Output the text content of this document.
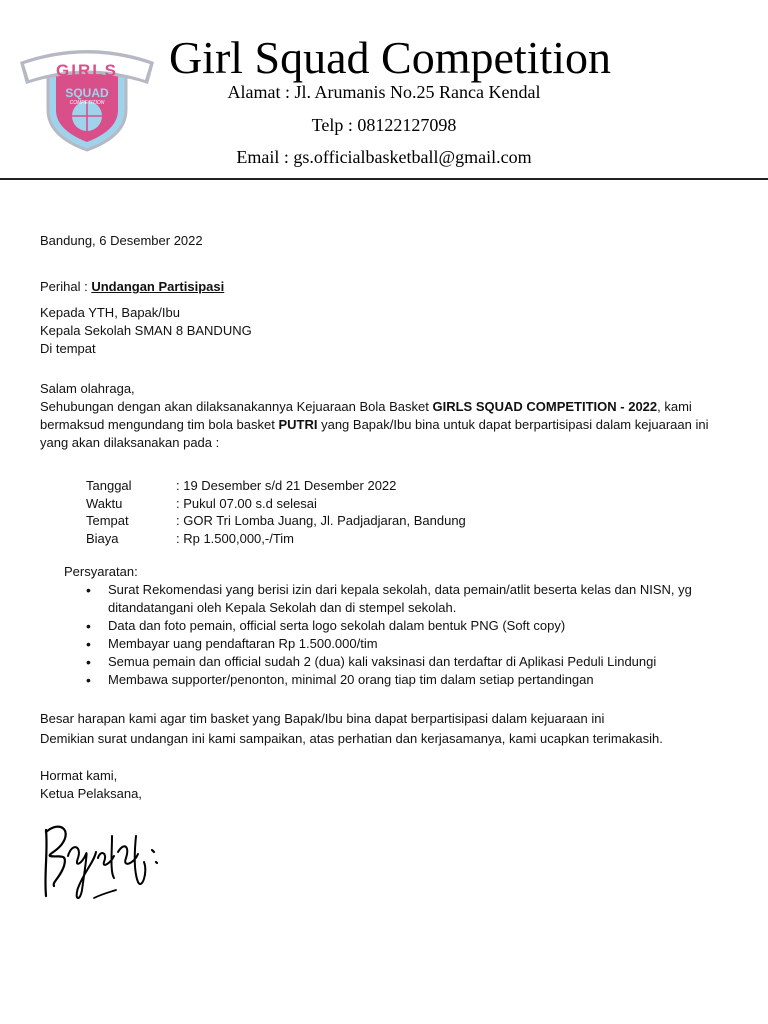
GIRLS
SQUAD
COMPETITION
Girl Squad Competition
Alamat : Jl. Arumanis No.25 Ranca Kendal
Telp : 08122127098
Email : gs.officialbasketball@gmail.com
Bandung, 6 Desember 2022
Perihal : Undangan Partisipasi
Kepada YTH, Bapak/Ibu
Kepala Sekolah SMAN 8 BANDUNG
Di tempat
Salam olahraga,
Sehubungan dengan akan dilaksanakannya Kejuaraan Bola Basket GIRLS SQUAD COMPETITION - 2022, kami bermaksud mengundang tim bola basket PUTRI yang Bapak/Ibu bina untuk dapat berpartisipasi dalam kejuaraan ini yang akan dilaksanakan pada :
Tanggal	: 19 Desember s/d 21 Desember 2022
Waktu	: Pukul 07.00 s.d selesai
Tempat	: GOR Tri Lomba Juang, Jl. Padjadjaran, Bandung
Biaya	: Rp 1.500,000,-/Tim
Persyaratan:
• Surat Rekomendasi yang berisi izin dari kepala sekolah, data pemain/atlit beserta kelas dan NISN, yg ditandatangani oleh Kepala Sekolah dan di stempel sekolah.
• Data dan foto pemain, official serta logo sekolah dalam bentuk PNG (Soft copy)
• Membayar uang pendaftaran Rp 1.500.000/tim
• Semua pemain dan official sudah 2 (dua) kali vaksinasi dan terdaftar di Aplikasi Peduli Lindungi
• Membawa supporter/penonton, minimal 20 orang tiap tim dalam setiap pertandingan
Besar harapan kami agar tim basket yang Bapak/Ibu bina dapat berpartisipasi dalam kejuaraan ini
Demikian surat undangan ini kami sampaikan, atas perhatian dan kerjasamanya, kami ucapkan terimakasih.
Hormat kami,
Ketua Pelaksana,
